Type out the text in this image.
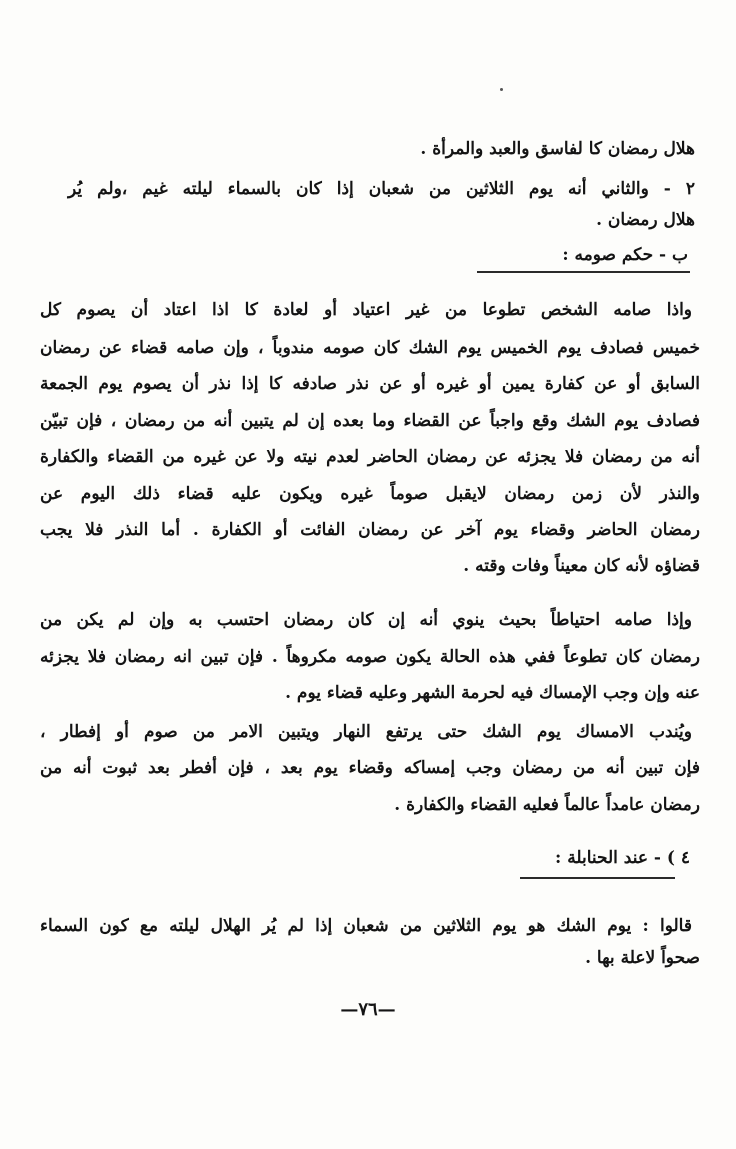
هلال رمضان كا لفاسق والعبد والمرأة .
٢ - والثاني أنه يوم الثلاثين من شعبان إذا كان بالسماء ليلته غيم ،ولم يُر
هلال رمضان .
ب - حكم صومه :
واذا صامه الشخص تطوعا من غير اعتياد أو لعادة كا اذا اعتاد أن يصوم كل
خميس فصادف يوم الخميس يوم الشك كان صومه مندوباً ، وإن صامه قضاء عن رمضان
السابق أو عن كفارة يمين أو غيره أو عن نذر صادفه كا إذا نذر أن يصوم يوم الجمعة
فصادف يوم الشك وقع واجباً عن القضاء وما بعده إن لم يتبين أنه من رمضان ، فإن تبيّن
أنه من رمضان فلا يجزئه عن رمضان الحاضر لعدم نيته ولا عن غيره من القضاء والكفارة
والنذر لأن زمن رمضان لايقبل صوماً غيره ويكون عليه قضاء ذلك اليوم عن
رمضان الحاضر وقضاء يوم آخر عن رمضان الفائت أو الكفارة . أما النذر فلا يجب
قضاؤه لأنه كان معيناً وفات وقته .
وإذا صامه احتياطاً بحيث ينوي أنه إن كان رمضان احتسب به وإن لم يكن من
رمضان كان تطوعاً ففي هذه الحالة يكون صومه مكروهاً . فإن تبين انه رمضان فلا يجزئه
عنه وإن وجب الإمساك فيه لحرمة الشهر وعليه قضاء يوم .
ويُندب الامساك يوم الشك حتى يرتفع النهار ويتبين الامر من صوم أو إفطار ،
فإن تبين أنه من رمضان وجب إمساكه وقضاء يوم بعد ، فإن أفطر بعد ثبوت أنه من
رمضان عامداً عالماً فعليه القضاء والكفارة .
٤ ) - عند الحنابلة :
قالوا : يوم الشك هو يوم الثلاثين من شعبان إذا لم يُر الهلال ليلته مع كون السماء
صحواً لاعلة بها .
—٧٦—
